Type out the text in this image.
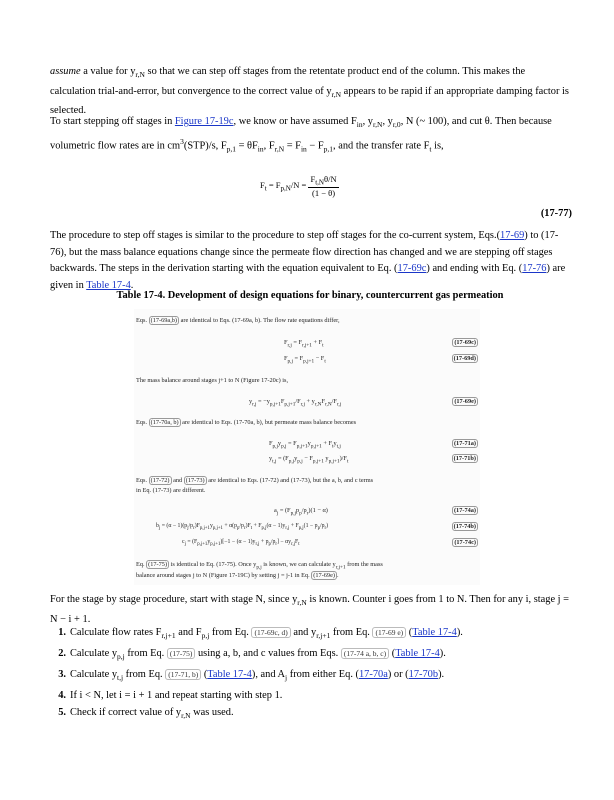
assume a value for $y_{r,N}$ so that we can step off stages from the retentate product end of the column. This makes the calculation trial-and-error, but convergence to the correct value of $y_{r,N}$ appears to be rapid if an appropriate damping factor is selected.

To start stepping off stages in Figure 17-19c, we know or have assumed $F_{in}$, $y_{r,N}$, $y_{r,0}$, N (~ 100), and cut θ. Then because volumetric flow rates are in $cm^3(STP)/s$, $F_{p,1} = \theta F_{in}$, $F_{r,N} = F_{in} - F_{p,1}$, and the transfer rate $F_t$ is,

$F_t = F_{p,N}/N = \frac{F_{t,N}\theta/N}{(1 - \theta)}$
(17-77)

The procedure to step off stages is similar to the procedure to step off stages for the co-current system, Eqs.(17-69) to (17-76), but the mass balance equations change since the permeate flow direction has changed and we are stepping off stages backwards. The steps in the derivation starting with the equation equivalent to Eq. (17-69c) and ending with Eq. (17-76) are given in Table 17-4.

Table 17-4. Development of design equations for binary, countercurrent gas permeation
Eqs. (17-69a,b) are identical to Eqs. (17-69a, b). The flow rate equations differ,
$F_{r,j} = F_{r,j+1} + F_t$	(17-69c)
$F_{p,j} = F_{p,j+1} - F_t$	(17-69d)
The mass balance around stages j+1 to N (Figure 17-20c) is,
$y_{r,j} = -y_{p,j+1}F_{p,j+1}/F_{r,j} + y_{r,N}F_{r,N}/F_{r,j}$	(17-69e)
Eqs. (17-70a, b) are identical to Eqs. (17-70a, b), but permeate mass balance becomes
$F_{p,j}y_{p,j} = F_{p,j+1}y_{p,j+1} + F_ty_{t,j}$	(17-71a)
$y_{t,j} = (F_{p,j}y_{p,j} - F_{p,j+1}$ $y_{p,j+1})/F_t$	(17-71b)
Eqs. (17-72) and (17-73) are identical to Eqs. (17-72) and (17-73), but the a, b, and c terms
in Eq. (17-73) are different.
$a_j = (F_{p,j}p_p/p_r)(1 - \alpha)$	(17-74a)
$b_j = (\alpha - 1)(p_j/p_r)F_{p,j+1}y_{p,j+1} + \alpha(p_p/p_r)F_t + F_{p,j}(\alpha - 1)y_{r,j} + F_{p,j}(1 - p_p/p_r)$	(17-74b)
$c_j = (F_{p,j+1}y_{p,j+1})[-1 - (\alpha - 1)y_{r,j} + p_p/p_r] - \alpha y_{r,j}F_t$	(17-74c)
Eq. (17-75) is identical to Eq. (17-75). Once $y_{p,j}$ is known, we can calculate $y_{r,j+1}$ from the mass
balance around stages j to N (Figure 17-19C) by setting j = j-1 in Eq. (17-69e) .

For the stage by stage procedure, start with stage N, since $y_{r,N}$ is known. Counter i goes from 1 to N. Then for any i, stage j = N − i + 1.

1. Calculate flow rates $F_{r,j+1}$ and $F_{p,j}$ from Eq. (17-69c, d) and $y_{r,j+1}$ from Eq. (17-69 e) (Table 17-4).
2. Calculate $y_{p,j}$ from Eq. (17-75) using a, b, and c values from Eqs. (17-74 a, b, c) (Table 17-4).
3. Calculate $y_{t,j}$ from Eq. (17-71, b) (Table 17-4), and $A_j$ from either Eq. (17-70a) or (17-70b).
4. If i < N, let i = i + 1 and repeat starting with step 1.
5. Check if correct value of $y_{r,N}$ was used.
